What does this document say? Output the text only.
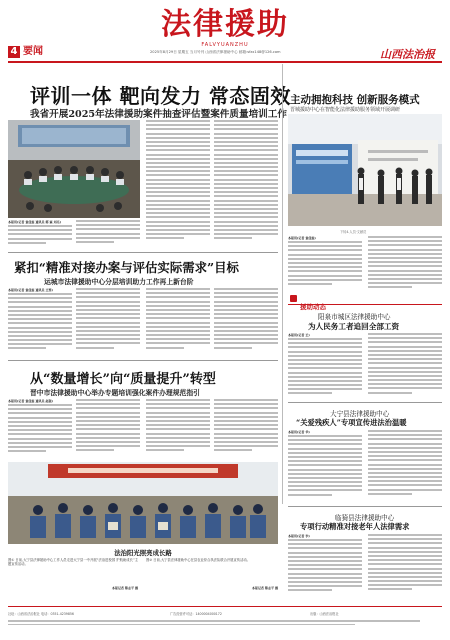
4 要闻
法律援助
FALVYUANZHU
2025年8月29日 星期五 当月号刊 山西省法律援助中心 邮箱:sfzx148@126.com	山西法治报
评训一体 靶向发力 常态固效
我省开展2025年法律援助案件抽查评估暨案件质量培训工作
本报讯(记者 袁佳雯 通讯员 郭 霖 刘亮)
主动拥抱科技 创新服务模式
晋城援助中心在智能化法律援助服务领域开展调研
下转4.人员·文献员
本报讯(记者 袁佳雯)
援助动态
紧扣“精准对接办案与评估实际需求”目标
运城市法律援助中心分层培训助力工作再上新台阶
本报讯(记者 袁佳雯 通讯员 王霏)
阳泉市城区法律援助中心
为人民务工者追回全部工资
本报讯(记者 王)
从“数量增长”向“质量提升”转型
晋中市法律援助中心举办专题培训强化案件办理规范指引
本报讯(记者 袁佳雯 通讯员 赵强)
大宁县法律援助中心
“关爱残疾人”专项宣传进法治温暖
本报讯(记者 华)
法治阳光照亮成长路
图① 日前,大宁县法律援助中心工作人员走进大宁县一中开展“法治进校园 护航助成长”主题宣传活动。
图② 日前,大宁县法律援助中心在县农业综合执法队联合开展宣传活动。
本报记者 陈志平 摄	本报记者 陈志平 摄
临猗县法律援助中心
专项行动精准对接老年人法律需求
本报讯(记者 李)
社址：山西省法治报社 电话：0351-4239856	广告经营许可证：1400004000172	出版：山西法治报社
